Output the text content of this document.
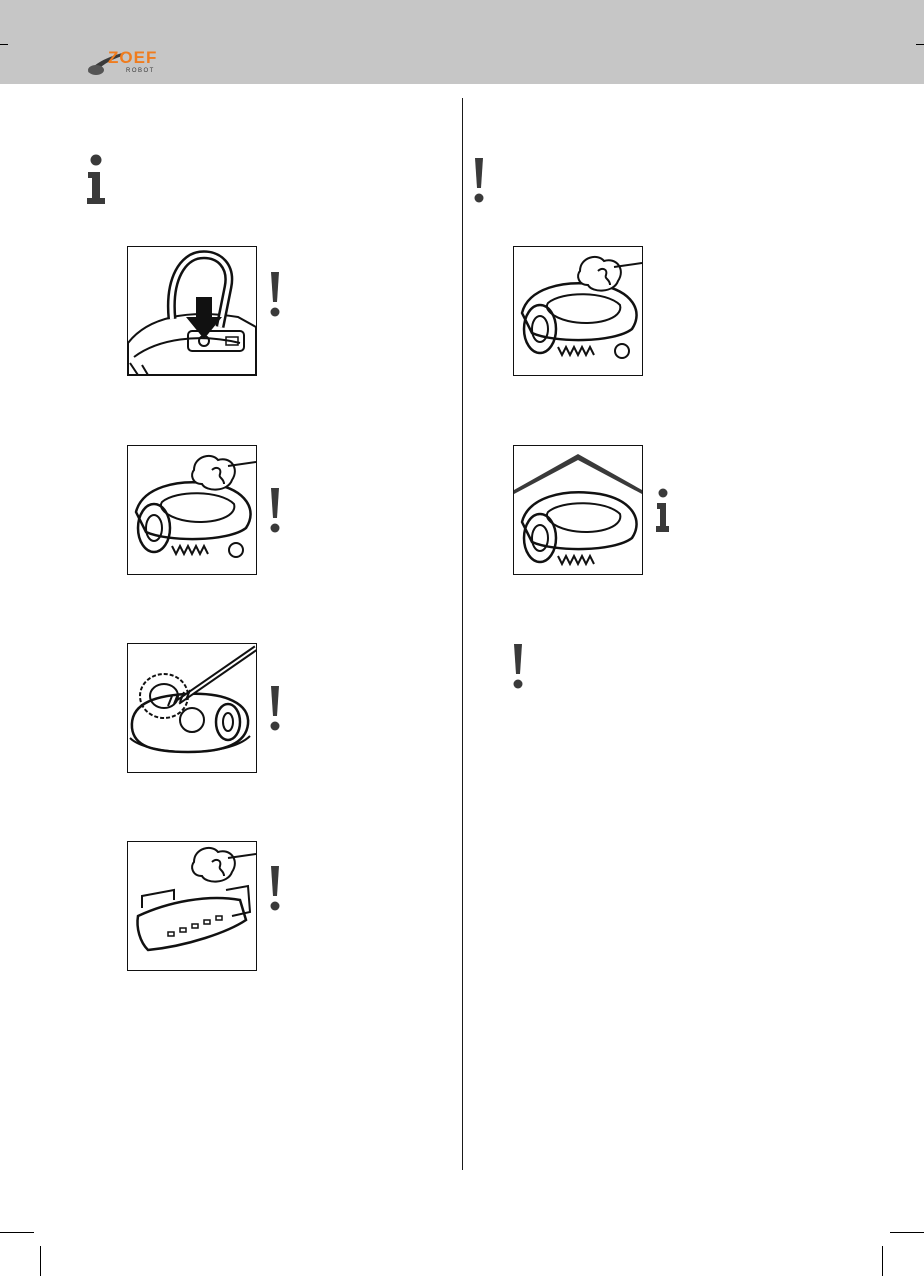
ZOEF
ROBOT
